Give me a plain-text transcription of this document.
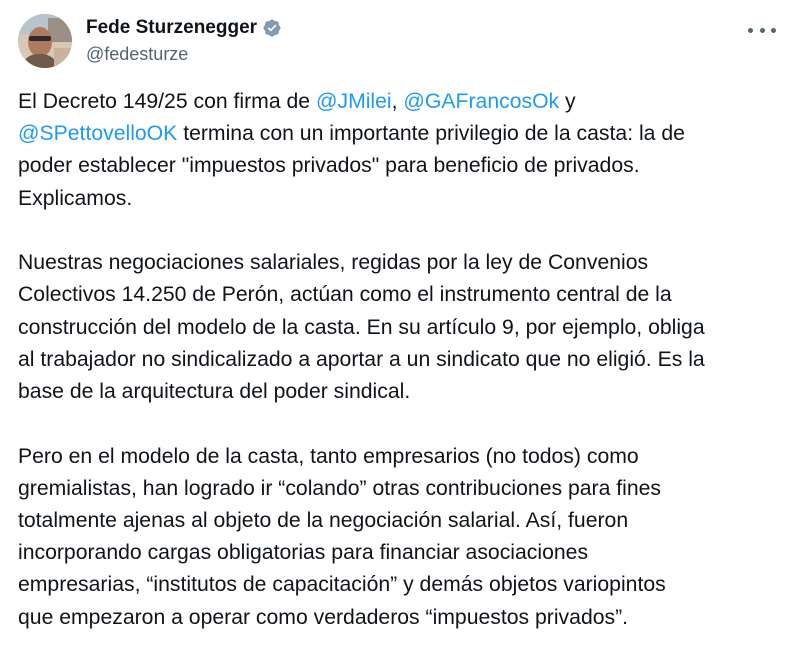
Fede Sturzenegger
@fedesturze

El Decreto 149/25 con firma de @JMilei, @GAFrancosOk y
@SPettovelloOK termina con un importante privilegio de la casta: la de
poder establecer "impuestos privados" para beneficio de privados.
Explicamos.

Nuestras negociaciones salariales, regidas por la ley de Convenios
Colectivos 14.250 de Perón, actúan como el instrumento central de la
construcción del modelo de la casta. En su artículo 9, por ejemplo, obliga
al trabajador no sindicalizado a aportar a un sindicato que no eligió. Es la
base de la arquitectura del poder sindical.

Pero en el modelo de la casta, tanto empresarios (no todos) como
gremialistas, han logrado ir “colando” otras contribuciones para fines
totalmente ajenas al objeto de la negociación salarial. Así, fueron
incorporando cargas obligatorias para financiar asociaciones
empresarias, “institutos de capacitación” y demás objetos variopintos
que empezaron a operar como verdaderos “impuestos privados”.
